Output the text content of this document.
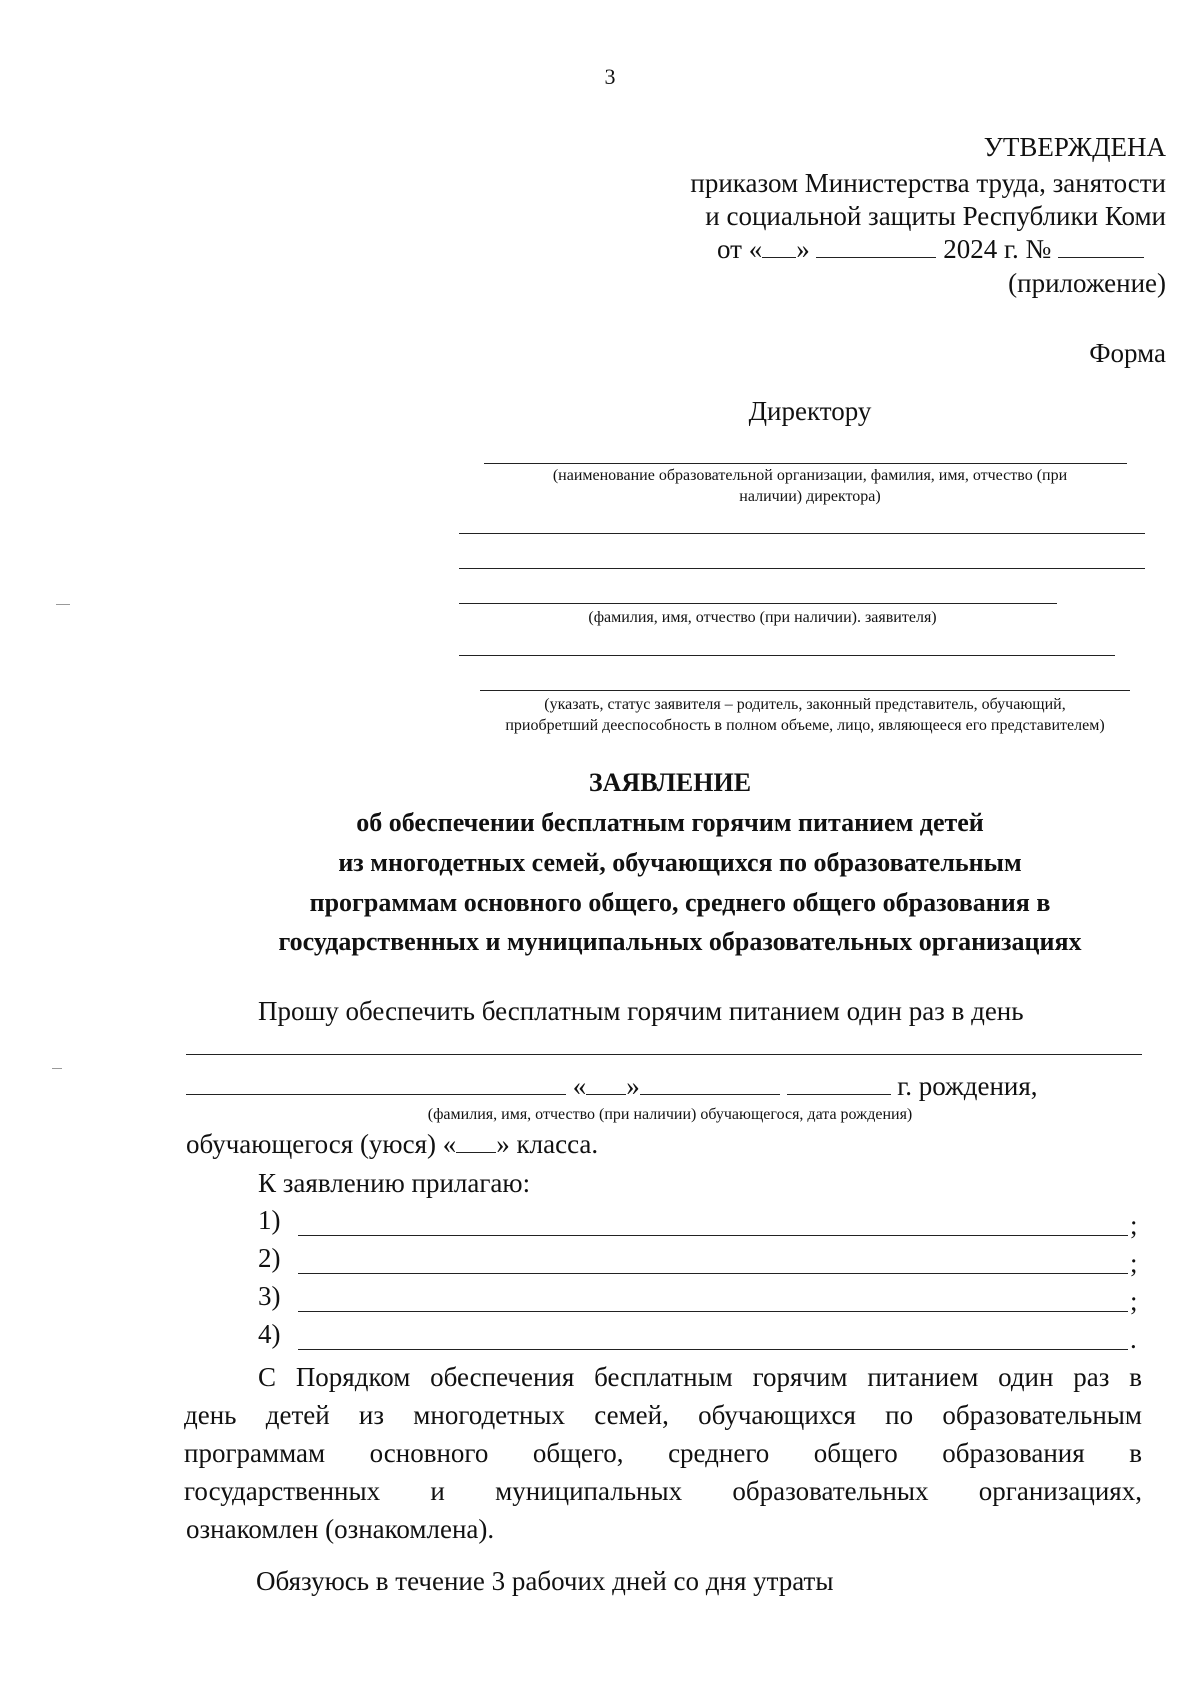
3
УТВЕРЖДЕНА
приказом Министерства труда, занятости
и социальной защиты Республики Коми
от « »	2024 г. №
(приложение)
Форма
Директору
(наименование образовательной организации, фамилия, имя, отчество (при
наличии) директора)
(фамилия, имя, отчество (при наличии). заявителя)
(указать, статус заявителя – родитель, законный представитель, обучающий,
приобретший дееспособность в полном объеме, лицо, являющееся его представителем)
ЗАЯВЛЕНИЕ
об обеспечении бесплатным горячим питанием детей
из многодетных семей, обучающихся по образовательным
программам основного общего, среднего общего образования в
государственных и муниципальных образовательных организациях
Прошу обеспечить бесплатным горячим питанием один раз в день
« »	г. рождения,
(фамилия, имя, отчество (при наличии) обучающегося, дата рождения)
обучающегося (уюся) « » класса.
К заявлению прилагаю:
1)	;
2)	;
3)	;
4)	.
С Порядком обеспечения бесплатным горячим питанием один раз в
день детей из многодетных семей, обучающихся по образовательным
программам основного общего, среднего общего образования в
государственных и муниципальных образовательных организациях,
ознакомлен (ознакомлена).
Обязуюсь в течение 3 рабочих дней со дня утраты
